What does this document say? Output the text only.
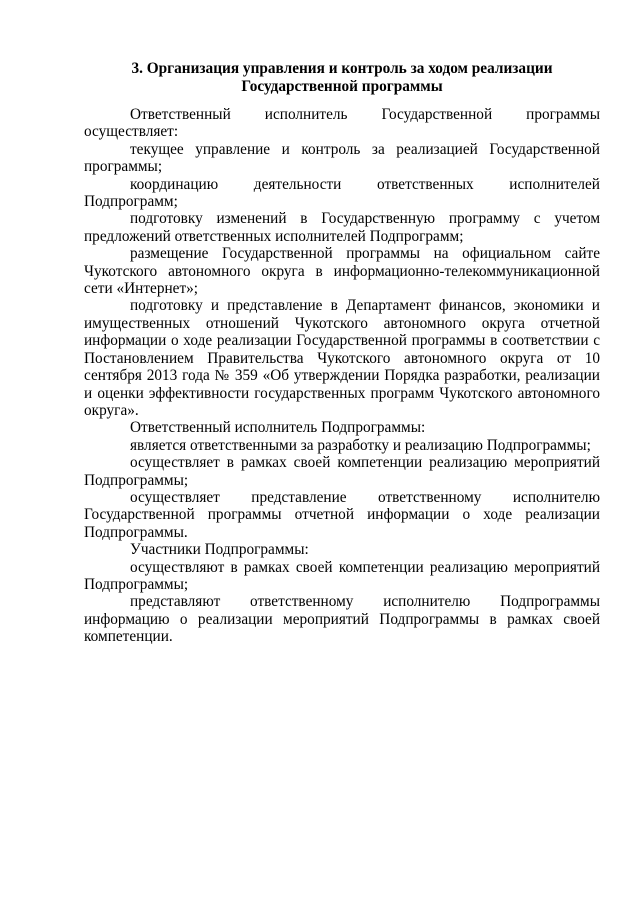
3. Организация управления и контроль за ходом реализации
Государственной программы

Ответственный исполнитель Государственной программы осуществляет:

текущее управление и контроль за реализацией Государственной программы;

координацию деятельности ответственных исполнителей Подпрограмм;

подготовку изменений в Государственную программу с учетом предложений ответственных исполнителей Подпрограмм;

размещение Государственной программы на официальном сайте Чукотского автономного округа в информационно-телекоммуникационной сети «Интернет»;

подготовку и представление в Департамент финансов, экономики и имущественных отношений Чукотского автономного округа отчетной информации о ходе реализации Государственной программы в соответствии с Постановлением Правительства Чукотского автономного округа от 10 сентября 2013 года № 359 «Об утверждении Порядка разработки, реализации и оценки эффективности государственных программ Чукотского автономного округа».

Ответственный исполнитель Подпрограммы:

является ответственными за разработку и реализацию Подпрограммы;

осуществляет в рамках своей компетенции реализацию мероприятий Подпрограммы;

осуществляет представление ответственному исполнителю Государственной программы отчетной информации о ходе реализации Подпрограммы.

Участники Подпрограммы:

осуществляют в рамках своей компетенции реализацию мероприятий Подпрограммы;

представляют ответственному исполнителю Подпрограммы информацию о реализации мероприятий Подпрограммы в рамках своей компетенции.
